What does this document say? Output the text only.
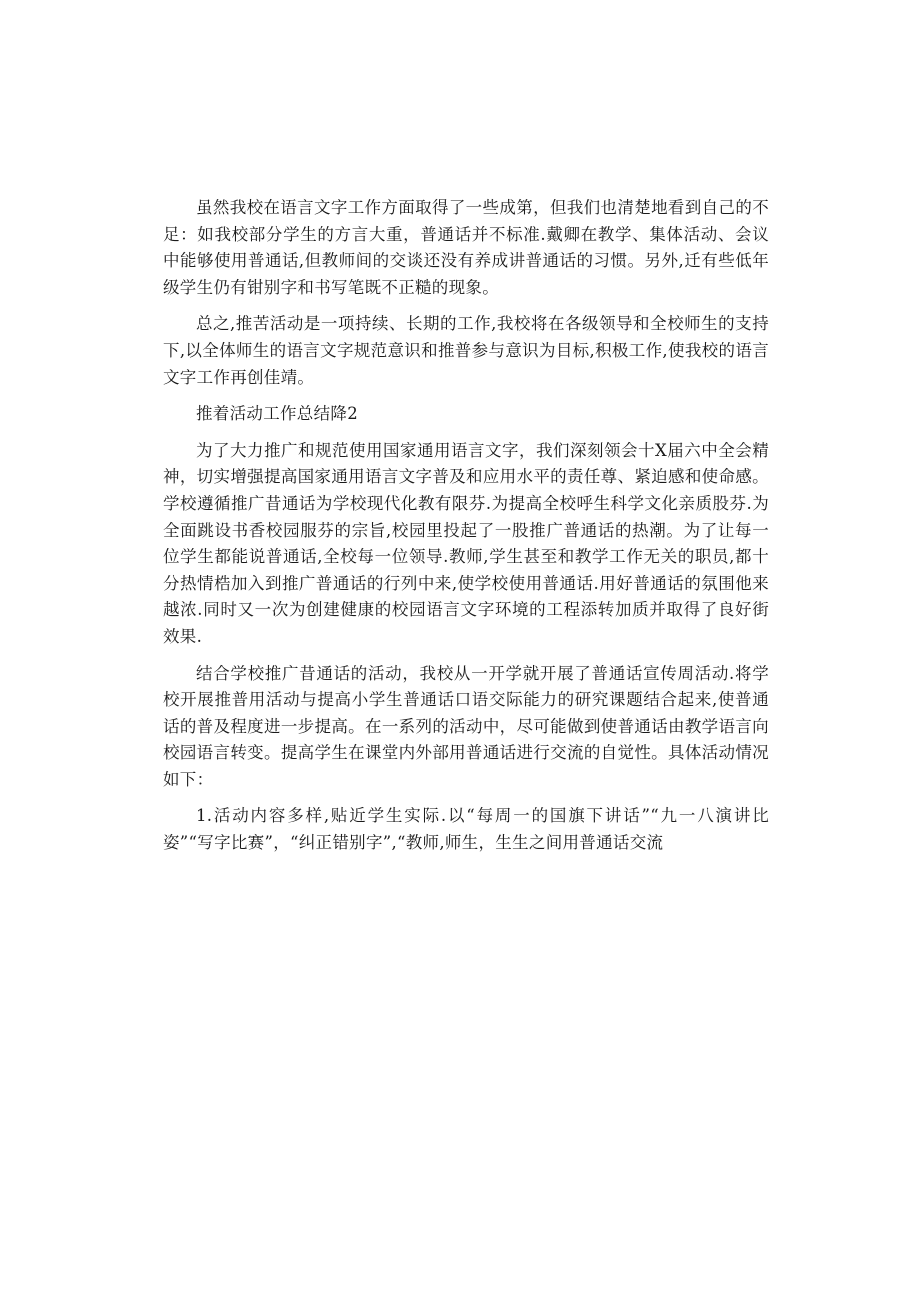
虽然我校在语言文字工作方面取得了一些成第，但我们也清楚地看到自己的不足：如我校部分学生的方言大重，普通话并不标准.戴卿在教学、集体活动、会议中能够使用普通话,但教师间的交谈还没有养成讲普通话的习惯。另外,迁有些低年级学生仍有钳别字和书写笔既不正糙的现象。

总之,推苦活动是一项持续、长期的工作,我校将在各级领导和全校师生的支持下,以全体师生的语言文字规范意识和推普参与意识为目标,积极工作,使我校的语言文字工作再创佳靖。

推着活动工作总结降2

为了大力推广和规范使用国家通用语言文字，我们深刻领会十X届六中全会精神，切实增强提高国家通用语言文字普及和应用水平的责任尊、紧迫感和使命感。学校遵循推广昔通话为学校现代化教有限芬.为提高全校呼生科学文化亲质股芬.为全面跳设书香校园服芬的宗旨,校园里投起了一股推广普通话的热潮。为了让每一位学生都能说普通话,全校每一位领导.教师,学生甚至和教学工作无关的职员,都十分热情梏加入到推广普通话的行列中来,使学校使用普通话.用好普通话的氛围他来越浓.同时又一次为创建健康的校园语言文字环境的工程添转加质并取得了良好街效果.

结合学校推广昔通话的活动，我校从一开学就开展了普通话宣传周活动.将学校开展推普用活动与提高小学生普通话口语交际能力的研究课题结合起来,使普通话的普及程度进一步提高。在一系列的活动中，尽可能做到使普通话由教学语言向校园语言转变。提高学生在课堂内外部用普通话进行交流的自觉性。具体活动情况如下：

1.活动内容多样,贴近学生实际.以“每周一的国旗下讲话”“九一八演讲比姿”“写字比赛”，“纠正错别字”,“教师,师生，生生之间用普通话交流
